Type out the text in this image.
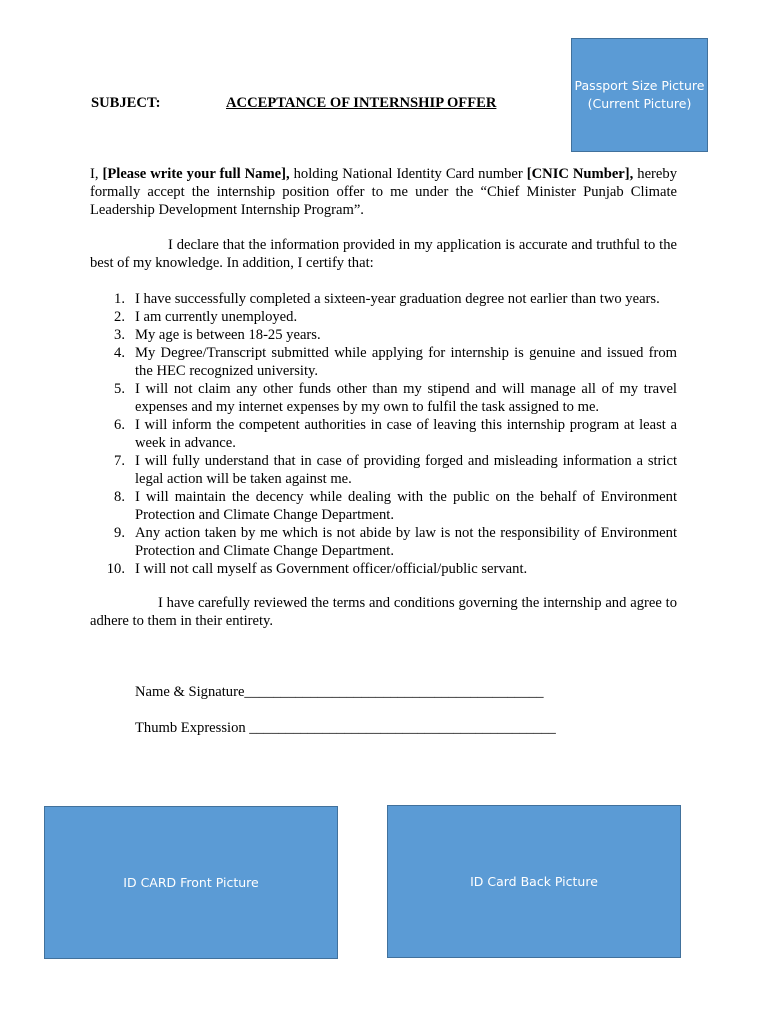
Passport Size Picture
(Current Picture)
SUBJECT:	ACCEPTANCE OF INTERNSHIP OFFER
I, [Please write your full Name], holding National Identity Card number [CNIC Number], hereby formally accept the internship position offer to me under the “Chief Minister Punjab Climate Leadership Development Internship Program”.
I declare that the information provided in my application is accurate and truthful to the best of my knowledge. In addition, I certify that:
1. I have successfully completed a sixteen-year graduation degree not earlier than two years.
2. I am currently unemployed.
3. My age is between 18-25 years.
4. My Degree/Transcript submitted while applying for internship is genuine and issued from the HEC recognized university.
5. I will not claim any other funds other than my stipend and will manage all of my travel expenses and my internet expenses by my own to fulfil the task assigned to me.
6. I will inform the competent authorities in case of leaving this internship program at least a week in advance.
7. I will fully understand that in case of providing forged and misleading information a strict legal action will be taken against me.
8. I will maintain the decency while dealing with the public on the behalf of Environment Protection and Climate Change Department.
9. Any action taken by me which is not abide by law is not the responsibility of Environment Protection and Climate Change Department.
10. I will not call myself as Government officer/official/public servant.
I have carefully reviewed the terms and conditions governing the internship and agree to adhere to them in their entirety.
Name & Signature_________________________________________
Thumb Expression __________________________________________
ID CARD Front Picture	ID Card Back Picture
